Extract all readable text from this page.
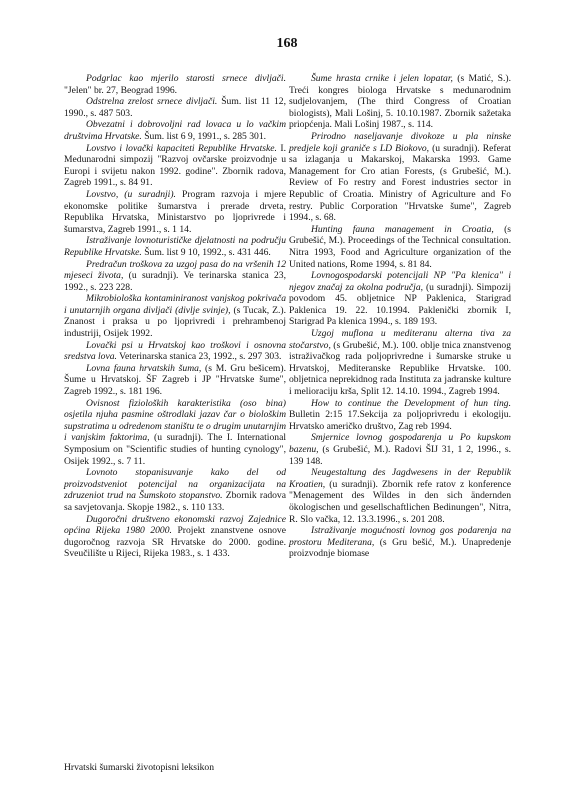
168

Podgrlac kao mjerilo starosti srnece divljači. "Jelen" br. 27, Beograd 1996.

Odstrelna zrelost srnece divljači. Šum. list 11 12, 1990., s. 487 503.

Obvezatni i dobrovoljni rad lovaca u lo vačkim društvima Hrvatske. Šum. list 6 9, 1991., s. 285 301.

Lovstvo i lovački kapaciteti Republike Hrvatske. I. Medunarodni simpozij "Razvoj ovčarske proizvodnje u Europi i svijetu nakon 1992. godine". Zbornik radova, Zagreb 1991., s. 84 91.

Lovstvo, (u suradnji). Program razvoja i mjere ekonomske politike šumarstva i prerade drveta, Republika Hrvatska, Ministarstvo po ljoprivrede i šumarstva, Zagreb 1991., s. 1 14.

Istraživanje lovnoturističke djelatnosti na području Republike Hrvatske. Šum. list 9 10, 1992., s. 431 446.

Predračun troškova za uzgoj pasa do na vršenih 12 mjeseci života, (u suradnji). Ve terinarska stanica 23, 1992., s. 223 228.

Mikrobiološka kontaminiranost vanjskog pokrivača i unutarnjih organa divljači (divlje svinje), (s Tucak, Z.). Znanost i praksa u po ljoprivredi i prehrambenoj industriji, Osijek 1992.

Lovački psi u Hrvatskoj kao troškovi i osnovna sredstva lova. Veterinarska stanica 23, 1992., s. 297 303.

Lovna fauna hrvatskih šuma, (s M. Gru bešicem). Šume u Hrvatskoj. ŠF Zagreb i JP "Hrvatske šume", Zagreb 1992., s. 181 196.

Ovisnost fizioloških karakteristika (oso bina) osjetila njuha pasmine oštrodlaki jazav čar o biološkim supstratima u odredenom staništu te o drugim unutarnjim i vanjskim faktorima, (u suradnji). The I. International Symposium on "Scientific studies of hunting cynology", Osijek 1992., s. 7 11.

Lovnoto stopanisuvanje kako del od proizvodstveniot potencijal na organizacijata na zdruzeniot trud na Šumskoto stopanstvo. Zbornik radova sa savjetovanja. Skopje 1982., s. 110 133.

Dugoročni društveno ekonomski razvoj Zajednice općina Rijeka 1980 2000. Projekt znanstvene osnove dugoročnog razvoja SR Hrvatske do 2000. godine. Sveučilište u Rijeci, Rijeka 1983., s. 1 433.

Šume hrasta crnike i jelen lopatar, (s Matić, S.). Treći kongres biologa Hrvatske s medunarodnim sudjelovanjem, (The third Congress of Croatian biologists), Mali Lošinj, 5. 10.10.1987. Zbornik sažetaka priopćenja. Mali Lošinj 1987., s. 114.

Prirodno naseljavanje divokoze u pla ninske predjele koji graniče s LD Biokovo, (u suradnji). Referat sa izlaganja u Makarskoj, Makarska 1993. Game Management for Cro atian Forests, (s Grubešić, M.). Review of Fo restry and Forest industries sector in Republic of Croatia. Ministry of Agriculture and Fo restry. Public Corporation "Hrvatske šume", Zagreb 1994., s. 68.

Hunting fauna management in Croatia, (s Grubešić, M.). Proceedings of the Technical consultation. Nitra 1993, Food and Agriculture organization of the United nations, Rome 1994, s. 81 84.

Lovnogospodarski potencijali NP "Pa klenica" i njegov značaj za okolna područja, (u suradnji). Simpozij povodom 45. obljetnice NP Paklenica, Starigrad Paklenica 19. 22. 10.1994. Paklenički zbornik I, Starigrad Pa klenica 1994., s. 189 193.

Uzgoj muflona u mediteranu alterna tiva za stočarstvo, (s Grubešić, M.). 100. oblje tnica znanstvenog istraživačkog rada poljoprivredne i šumarske struke u Hrvatskoj, Mediteranske Republike Hrvatske. 100. obljetnica neprekidnog rada Instituta za jadranske kulture i melioraciju krša, Split 12. 14.10. 1994., Zagreb 1994.

How to continue the Development of hun ting. Bulletin 2:15 17.Sekcija za poljoprivredu i ekologiju. Hrvatsko američko društvo, Zag reb 1994.

Smjernice lovnog gospodarenja u Po kupskom bazenu, (s Grubešić, M.). Radovi ŠIJ 31, 1 2, 1996., s. 139 148.

Neugestaltung des Jagdwesens in der Republik Kroatien, (u suradnji). Zbornik refe ratov z konference "Menagement des Wildes in den sich ändernden ökologischen und gesellschaftlichen Bedinungen", Nitra, R. Slo vačka, 12. 13.3.1996., s. 201 208.

Istraživanje mogućnosti lovnog gos podarenja na prostoru Mediterana, (s Gru bešić, M.). Unapredenje proizvodnje biomase

Hrvatski šumarski životopisni leksikon
